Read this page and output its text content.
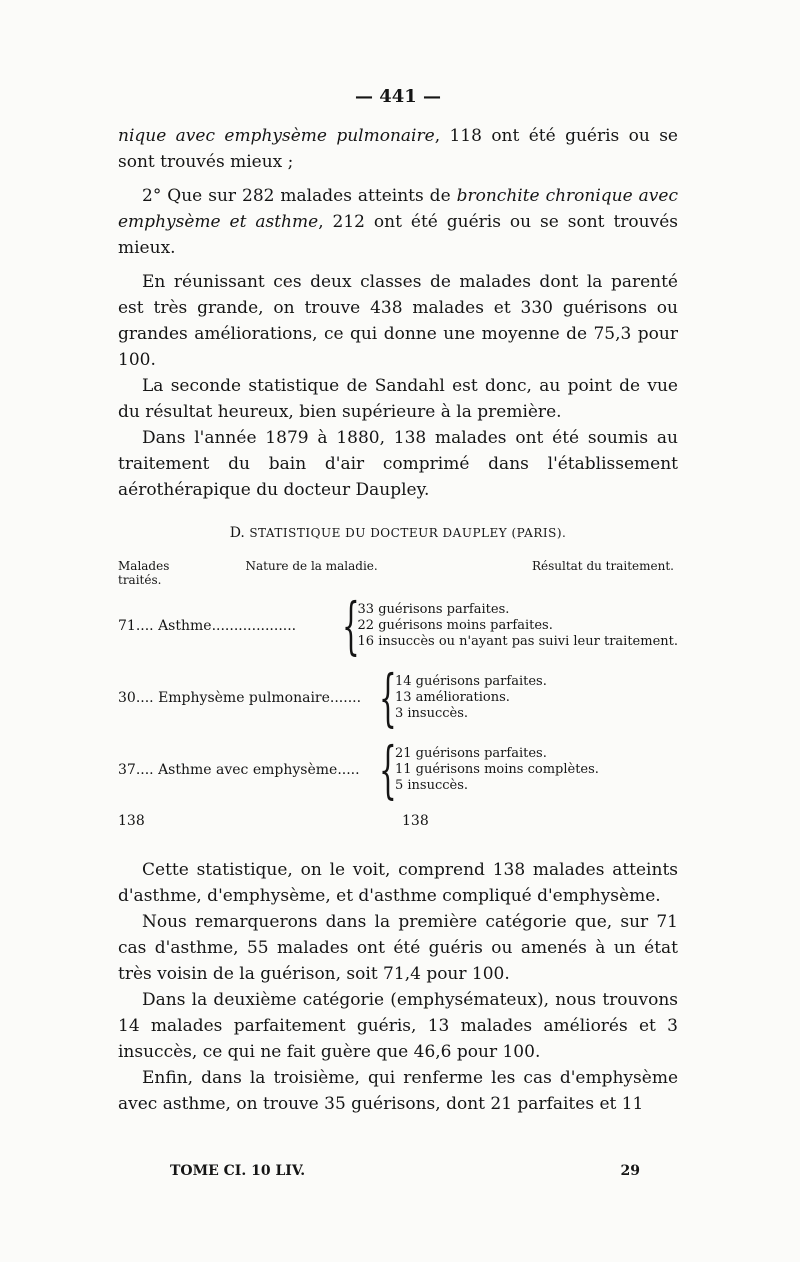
— 441 —

nique avec emphysème pulmonaire, 118 ont été guéris ou se sont trouvés mieux ;

2° Que sur 282 malades atteints de bronchite chronique avec emphysème et asthme, 212 ont été guéris ou se sont trouvés mieux.

En réunissant ces deux classes de malades dont la parenté est très grande, on trouve 438 malades et 330 guérisons ou grandes améliorations, ce qui donne une moyenne de 75,3 pour 100.

La seconde statistique de Sandahl est donc, au point de vue du résultat heureux, bien supérieure à la première.

Dans l'année 1879 à 1880, 138 malades ont été soumis au traitement du bain d'air comprimé dans l'établissement aérothérapique du docteur Daupley.

D. STATISTIQUE DU DOCTEUR DAUPLEY (PARIS).
Malades traités.
Nature de la maladie.	Résultat du traitement.
71.... Asthme................... {
33 guérisons parfaites.
22 guérisons moins parfaites.
16 insuccès ou n'ayant pas suivi leur traitement.
30.... Emphysème pulmonaire....... {
14 guérisons parfaites.
13 améliorations.
3 insuccès.
37.... Asthme avec emphysème..... {
21 guérisons parfaites.
11 guérisons moins complètes.
5 insuccès.
138	138

Cette statistique, on le voit, comprend 138 malades atteints d'asthme, d'emphysème, et d'asthme compliqué d'emphysème.

Nous remarquerons dans la première catégorie que, sur 71 cas d'asthme, 55 malades ont été guéris ou amenés à un état très voisin de la guérison, soit 71,4 pour 100.

Dans la deuxième catégorie (emphysémateux), nous trouvons 14 malades parfaitement guéris, 13 malades améliorés et 3 insuccès, ce qui ne fait guère que 46,6 pour 100.

Enfin, dans la troisième, qui renferme les cas d'emphysème avec asthme, on trouve 35 guérisons, dont 21 parfaites et 11

TOME CI. 10 LIV.	29
